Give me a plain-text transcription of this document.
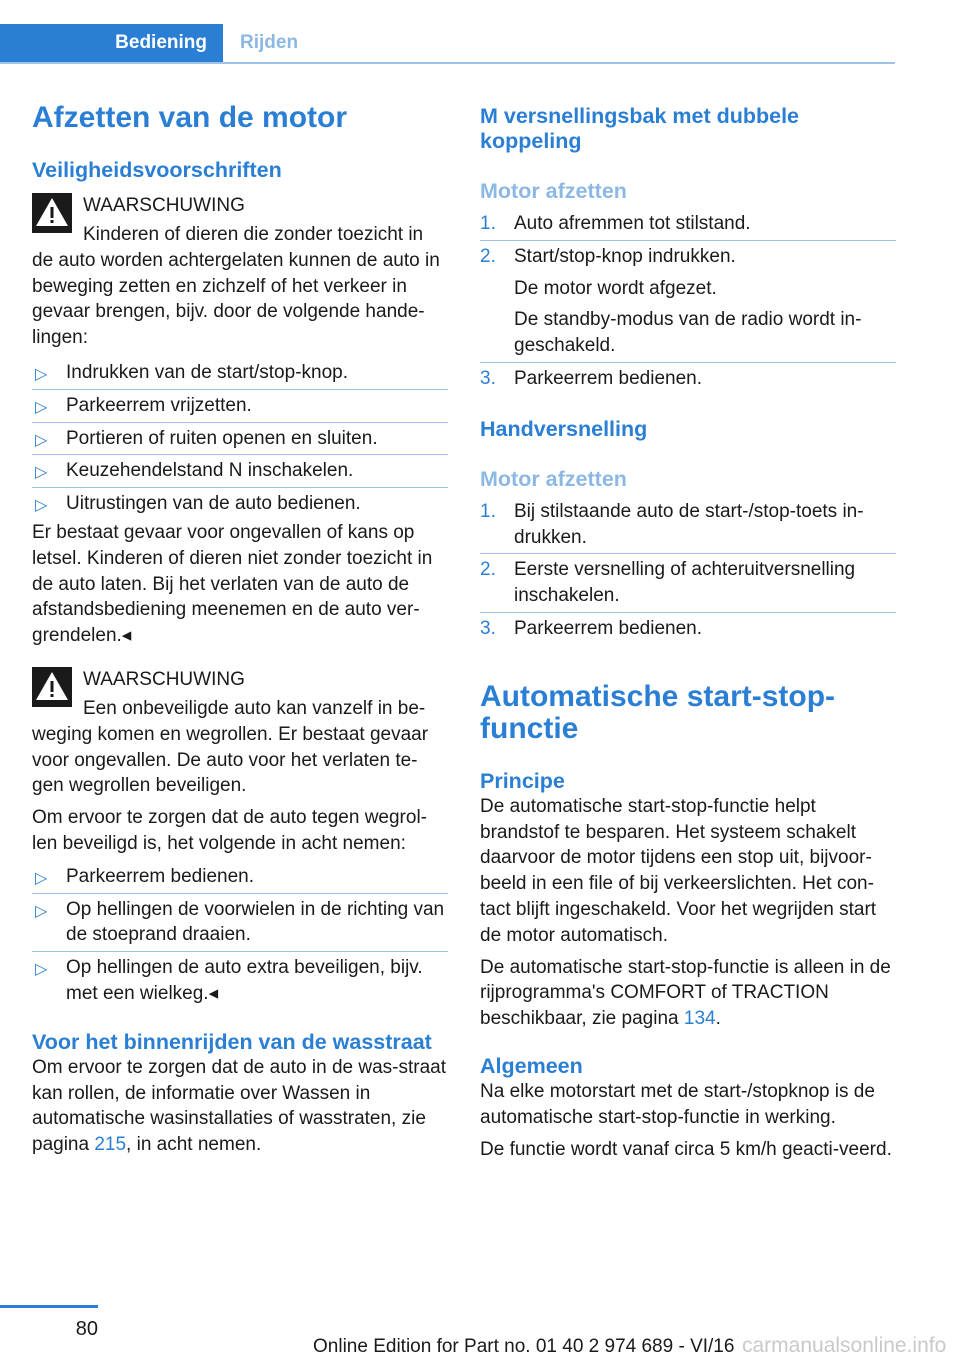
Bediening	Rijden
Afzetten van de motor
Veiligheidsvoorschriften
WAARSCHUWING
Kinderen of dieren die zonder toezicht in
de auto worden achtergelaten kunnen de auto in beweging zetten en zichzelf of het verkeer in gevaar brengen, bijv. door de volgende hande-lingen:
▷ Indrukken van de start/stop-knop.
▷ Parkeerrem vrijzetten.
▷ Portieren of ruiten openen en sluiten.
▷ Keuzehendelstand N inschakelen.
▷ Uitrustingen van de auto bedienen.
Er bestaat gevaar voor ongevallen of kans op letsel. Kinderen of dieren niet zonder toezicht in de auto laten. Bij het verlaten van de auto de afstandsbediening meenemen en de auto ver-grendelen.◂
WAARSCHUWING
Een onbeveiligde auto kan vanzelf in be-
weging komen en wegrollen. Er bestaat gevaar voor ongevallen. De auto voor het verlaten te-gen wegrollen beveiligen.
Om ervoor te zorgen dat de auto tegen wegrol-len beveiligd is, het volgende in acht nemen:
▷ Parkeerrem bedienen.
▷ Op hellingen de voorwielen in de richting van de stoeprand draaien.
▷ Op hellingen de auto extra beveiligen, bijv. met een wielkeg.◂
Voor het binnenrijden van de wasstraat
Om ervoor te zorgen dat de auto in de was-straat kan rollen, de informatie over Wassen in automatische wasinstallaties of wasstraten, zie pagina 215, in acht nemen.
M versnellingsbak met dubbele koppeling
Motor afzetten
1. Auto afremmen tot stilstand.
2. Start/stop-knop indrukken.
De motor wordt afgezet.
De standby-modus van de radio wordt in-geschakeld.
3. Parkeerrem bedienen.
Handversnelling
Motor afzetten
1. Bij stilstaande auto de start-/stop-toets in-drukken.
2. Eerste versnelling of achteruitversnelling inschakelen.
3. Parkeerrem bedienen.
Automatische start-stop-functie
Principe
De automatische start-stop-functie helpt brandstof te besparen. Het systeem schakelt daarvoor de motor tijdens een stop uit, bijvoor-beeld in een file of bij verkeerslichten. Het con-tact blijft ingeschakeld. Voor het wegrijden start de motor automatisch.
De automatische start-stop-functie is alleen in de rijprogramma's COMFORT of TRACTION beschikbaar, zie pagina 134.
Algemeen
Na elke motorstart met de start-/stopknop is de automatische start-stop-functie in werking.
De functie wordt vanaf circa 5 km/h geacti-veerd.
80
Online Edition for Part no. 01 40 2 974 689 - VI/16 carmanualsonline.info
